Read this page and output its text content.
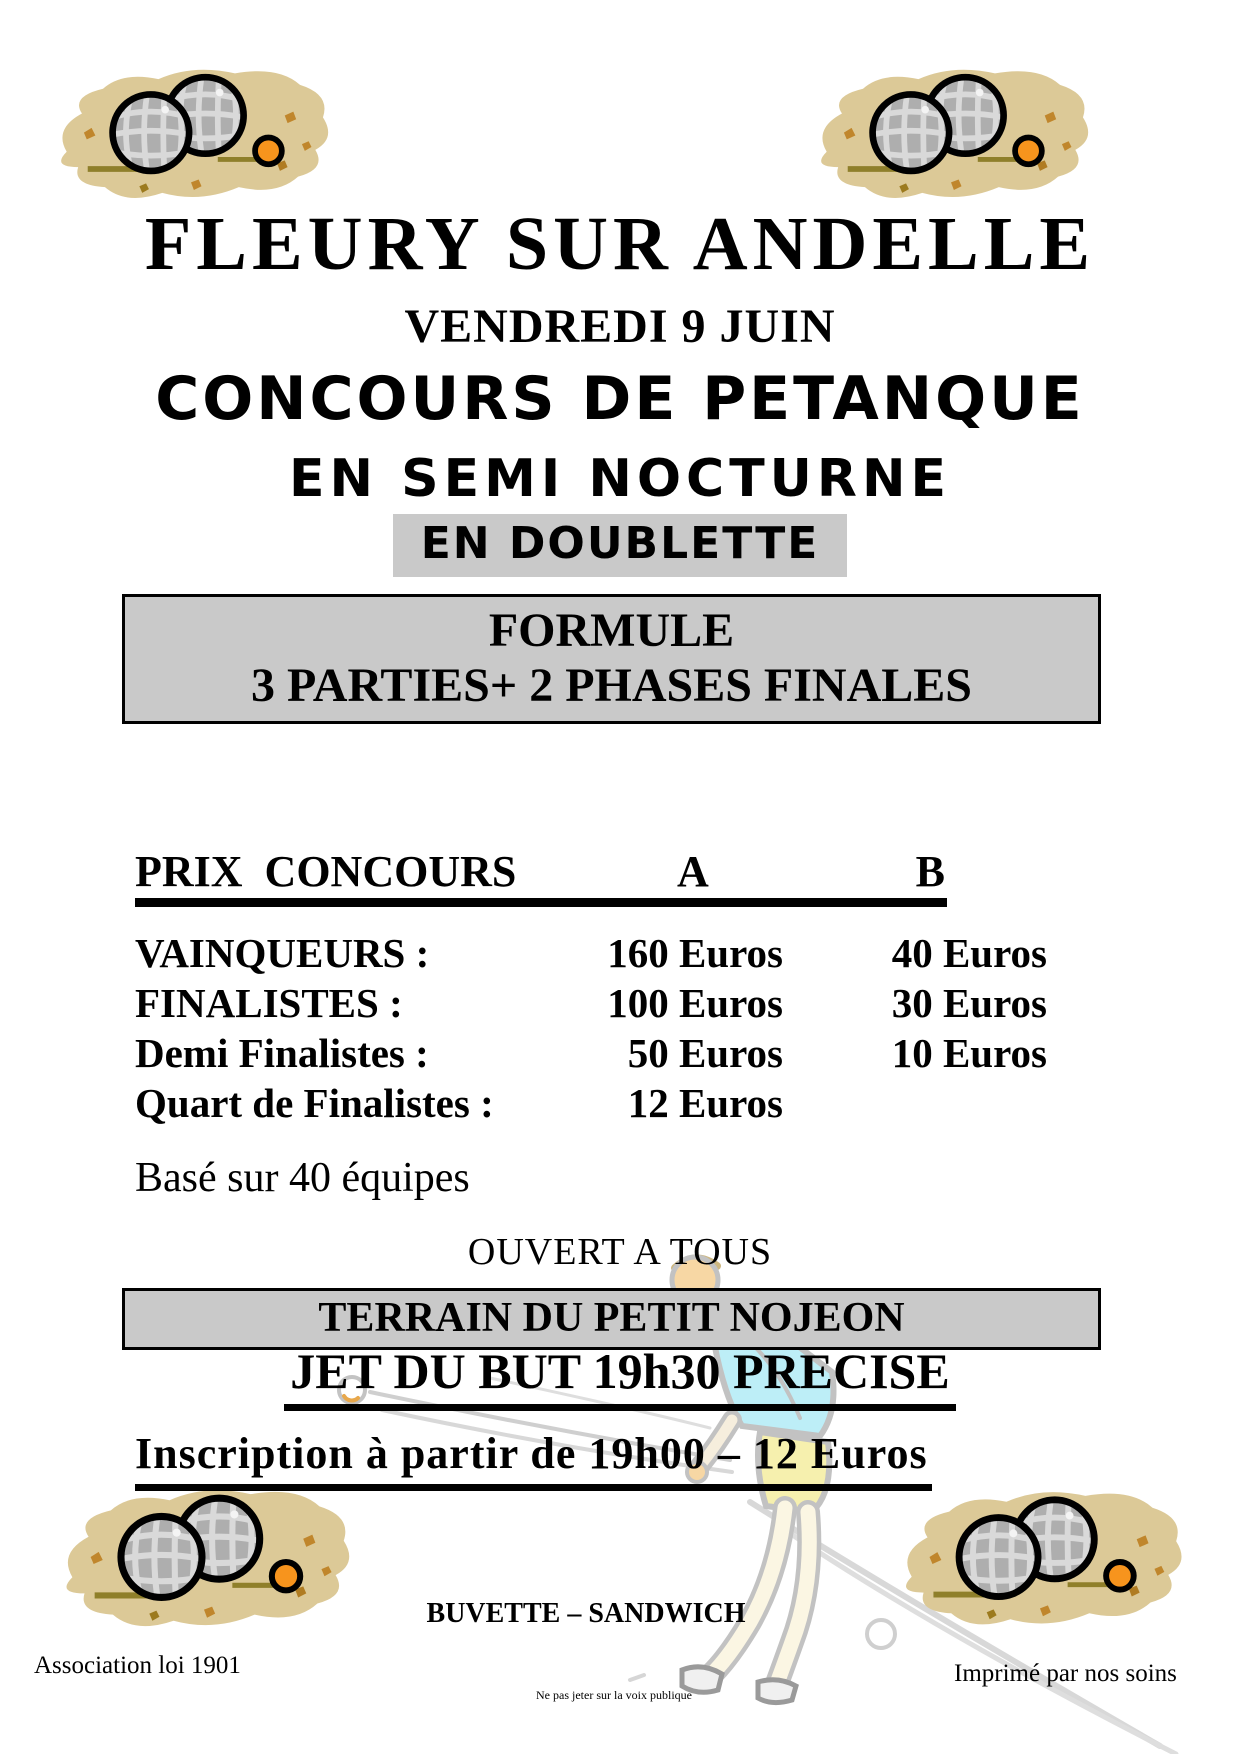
FLEURY SUR ANDELLE
VENDREDI 9 JUIN
CONCOURS DE PETANQUE
EN SEMI NOCTURNE
EN DOUBLETTE
FORMULE
3 PARTIES+ 2 PHASES FINALES
PRIX  CONCOURS	A	B
VAINQUEURS :	160 Euros	40 Euros
FINALISTES :	100 Euros	30 Euros
Demi Finalistes :	50 Euros	10 Euros
Quart de Finalistes :	12 Euros
Basé sur 40 équipes
OUVERT A TOUS
TERRAIN DU PETIT NOJEON
JET DU BUT 19h30 PRECISE
Inscription à partir de 19h00 – 12 Euros
BUVETTE – SANDWICH
Association loi 1901	Imprimé par nos soins
Ne pas jeter sur la voix publique
